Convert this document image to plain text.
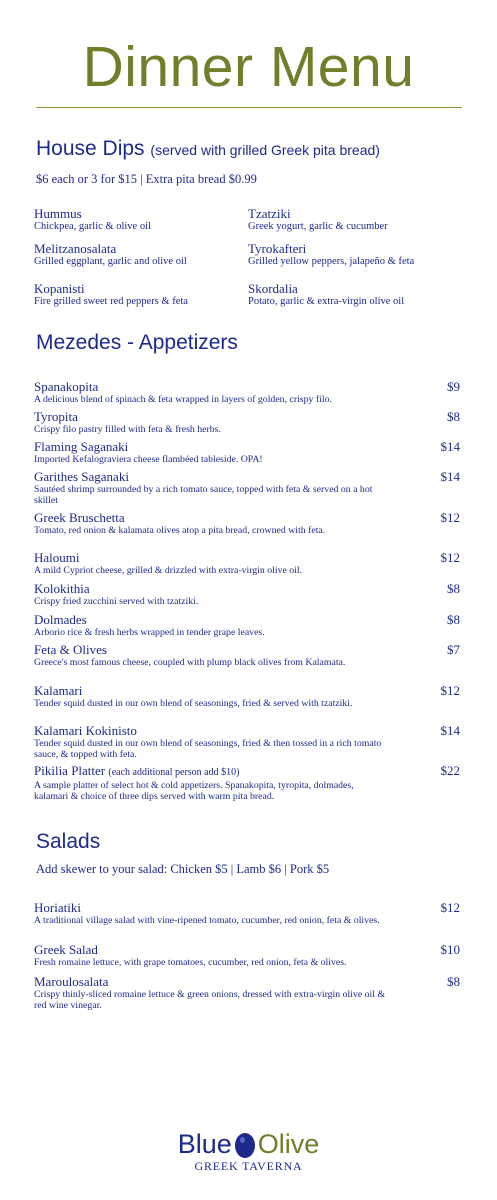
Dinner Menu
House Dips (served with grilled Greek pita bread)
$6 each or 3 for $15 | Extra pita bread $0.99
Hummus
Chickpea, garlic & olive oil
Tzatziki
Greek yogurt, garlic & cucumber
Melitzanosalata
Grilled eggplant, garlic and olive oil
Tyrokafteri
Grilled yellow peppers, jalapeño & feta
Kopanisti
Fire grilled sweet red peppers & feta
Skordalia
Potato, garlic & extra-virgin olive oil
Mezedes - Appetizers
Spanakopita
A delicious blend of spinach & feta wrapped in layers of golden, crispy filo.
$9
Tyropita
Crispy filo pastry filled with feta & fresh herbs.
$8
Flaming Saganaki
Imported Kefalograviera cheese flambéed tableside. OPA!
$14
Garithes Saganaki
Sautéed shrimp surrounded by a rich tomato sauce, topped with feta & served on a hot skillet
$14
Greek Bruschetta
Tomato, red onion & kalamata olives atop a pita bread, crowned with feta.
$12
Haloumi
A mild Cypriot cheese, grilled & drizzled with extra-virgin olive oil.
$12
Kolokithia
Crispy fried zucchini served with tzatziki.
$8
Dolmades
Arborio rice & fresh herbs wrapped in tender grape leaves.
$8
Feta & Olives
Greece's most famous cheese, coupled with plump black olives from Kalamata.
$7
Kalamari
Tender squid dusted in our own blend of seasonings, fried & served with tzatziki.
$12
Kalamari Kokinisto
Tender squid dusted in our own blend of seasonings, fried & then tossed in a rich tomato sauce, & topped with feta.
$14
Pikilia Platter (each additional person add $10)
A sample platter of select hot & cold appetizers. Spanakopita, tyropita, dolmades, kalamari & choice of three dips served with warm pita bread.
$22
Salads
Add skewer to your salad: Chicken $5 | Lamb $6 | Pork $5
Horiatiki
A traditional village salad with vine-ripened tomato, cucumber, red onion, feta & olives.
$12
Greek Salad
Fresh romaine lettuce, with grape tomatoes, cucumber, red onion, feta & olives.
$10
Maroulosalata
Crispy thinly-sliced romaine lettuce & green onions, dressed with extra-virgin olive oil & red wine vinegar.
$8
Blue Olive
GREEK TAVERNA
